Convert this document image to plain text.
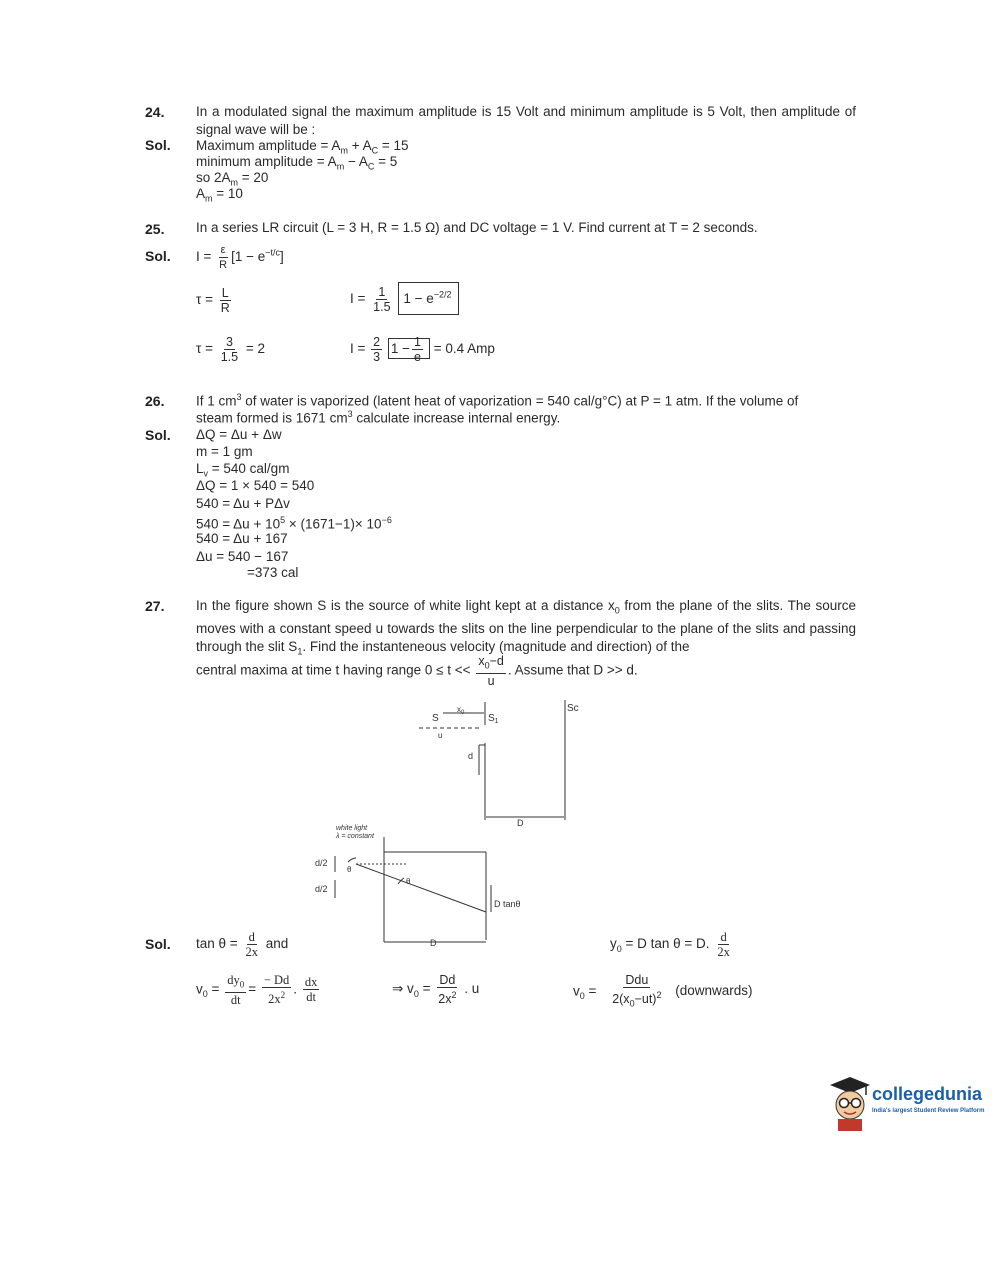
24. In a modulated signal the maximum amplitude is 15 Volt and minimum amplitude is 5 Volt, then amplitude of signal wave will be :
Sol. Maximum amplitude = $A_m + A_C = 15$
minimum amplitude = $A_m - A_C = 5$
so $2A_m = 20$
$A_m = 10$
25. In a series LR circuit (L = 3 H, R = 1.5 Ω) and DC voltage = 1 V. Find current at T = 2 seconds.
Sol. $I = \frac{\varepsilon}{R} [1 - e^{-t/c}]$
$\tau = \frac{L}{R}$	$I = \frac{1}{1.5} 1 - e^{-2/2}$
$\tau = \frac{3}{1.5} = 2$	$I = \frac{2}{3} 1 - \frac{1}{e} = 0.4$ Amp
26. If 1 $cm^3$ of water is vaporized (latent heat of vaporization = 540 cal/g°C) at P = 1 atm. If the volume of
steam formed is 1671 $cm^3$ calculate increase internal energy.
Sol. ΔQ = Δu + Δw
m = 1 gm
$L_v = 540$ cal/gm
ΔQ = 1 × 540 = 540
540 = Δu + PΔv
$540 = \Delta u + 10^5 \times (1671-1)\times 10^{-6}$
540 = Δu + 167
Δu = 540 − 167
=373 cal
27. In the figure shown S is the source of white light kept at a distance $x_0$ from the plane of the slits. The source moves with a constant speed u towards the slits on the line perpendicular to the plane of the slits and passing through the slit $S_1$. Find the instanteneous velocity (magnitude and direction) of the
central maxima at time t having range $0 \le t << \frac{x_0-d}{u}$ . Assume that D >> d.
S
$x_0$ $S_1$
u
d
D
Sc
white light
λ = constant
d/2
d/2
θ
θ
D
D tanθ
Sol. $\tan \theta = \frac{d}{2x}$ and	$y_0 = D$ tan θ = D. $\frac{d}{2x}$
$v_0 = \frac{dy_0}{dt} = \frac{- Dd}{2x^2}$ . $\frac{dx}{dt}$	⇒ $v_0 = \frac{Dd}{2x^2}$ . u	$v_0 = \frac{\text{Ddu}}{2(x_0-ut)^2}$ (downwards)
collegedunia
India's largest Student Review Platform
